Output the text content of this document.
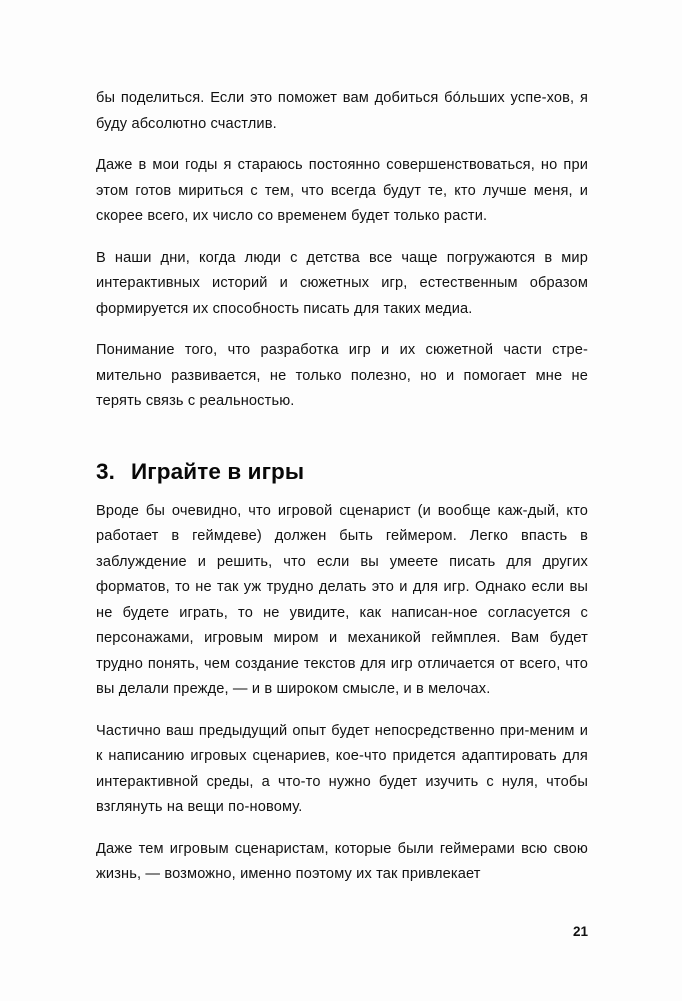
бы поделиться. Если это поможет вам добиться бо́льших успе-хов, я буду абсолютно счастлив.

Даже в мои годы я стараюсь постоянно совершенствоваться, но при этом готов мириться с тем, что всегда будут те, кто лучше меня, и скорее всего, их число со временем будет только расти.

В наши дни, когда люди с детства все чаще погружаются в мир интерактивных историй и сюжетных игр, естественным образом формируется их способность писать для таких медиа.

Понимание того, что разработка игр и их сюжетной части стре-мительно развивается, не только полезно, но и помогает мне не терять связь с реальностью.

3. Играйте в игры

Вроде бы очевидно, что игровой сценарист (и вообще каж-дый, кто работает в геймдеве) должен быть геймером. Легко впасть в заблуждение и решить, что если вы умеете писать для других форматов, то не так уж трудно делать это и для игр. Однако если вы не будете играть, то не увидите, как написан-ное согласуется с персонажами, игровым миром и механикой геймплея. Вам будет трудно понять, чем создание текстов для игр отличается от всего, что вы делали прежде, — и в широком смысле, и в мелочах.

Частично ваш предыдущий опыт будет непосредственно при-меним и к написанию игровых сценариев, кое-что придется адаптировать для интерактивной среды, а что-то нужно будет изучить с нуля, чтобы взглянуть на вещи по-новому.

Даже тем игровым сценаристам, которые были геймерами всю свою жизнь, — возможно, именно поэтому их так привлекает

21
